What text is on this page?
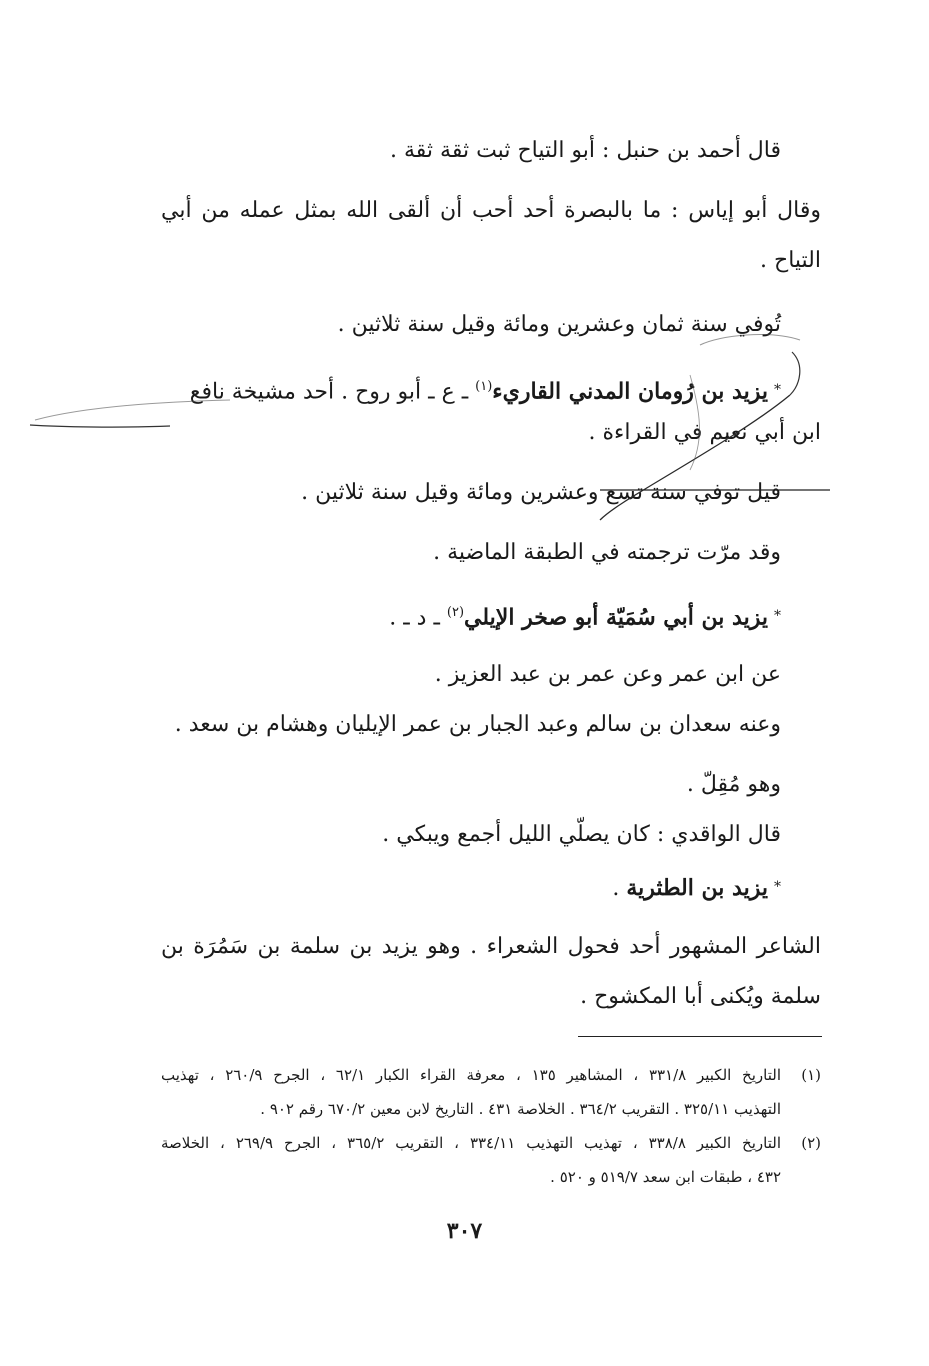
قال أحمد بن حنبل : أبو التياح ثبت ثقة ثقة .
وقال أبو إياس : ما بالبصرة أحد أحب أن ألقى الله بمثل عمله من أبي
التياح .
تُوفي سنة ثمان وعشرين ومائة وقيل سنة ثلاثين .
*يزيد بن رُومان المدني القاريء$^{(١)}$ ـ ع ـ أبو روح . أحد مشيخة نافع
ابن أبي نعيم في القراءة .
قيل توفي سنة تسع وعشرين ومائة وقيل سنة ثلاثين .
وقد مرّت ترجمته في الطبقة الماضية .
*يزيد بن أبي سُمَيّة أبو صخر الإيلي$^{(٢)}$ ـ د ـ .
عن ابن عمر وعن عمر بن عبد العزيز .
وعنه سعدان بن سالم وعبد الجبار بن عمر الإيليان وهشام بن سعد .
وهو مُقِلّ .
قال الواقدي : كان يصلّي الليل أجمع ويبكي .
*يزيد بن الطثرية .
الشاعر المشهور أحد فحول الشعراء . وهو يزيد بن سلمة بن سَمُرَة بن
سلمة ويُكنى أبا المكشوح .
(١)
التاريخ الكبير ٣٣١/٨ ، المشاهير ١٣٥ ، معرفة القراء الكبار ٦٢/١ ، الجرح ٢٦٠/٩ ، تهذيب
التهذيب ٣٢٥/١١ . التقريب ٣٦٤/٢ . الخلاصة ٤٣١ . التاريخ لابن معين ٦٧٠/٢ رقم ٩٠٢ .
(٢)
التاريخ الكبير ٣٣٨/٨ ، تهذيب التهذيب ٣٣٤/١١ ، التقريب ٣٦٥/٢ ، الجرح ٢٦٩/٩ ، الخلاصة
٤٣٢ ، طبقات ابن سعد ٥١٩/٧ و ٥٢٠ .
٣٠٧
